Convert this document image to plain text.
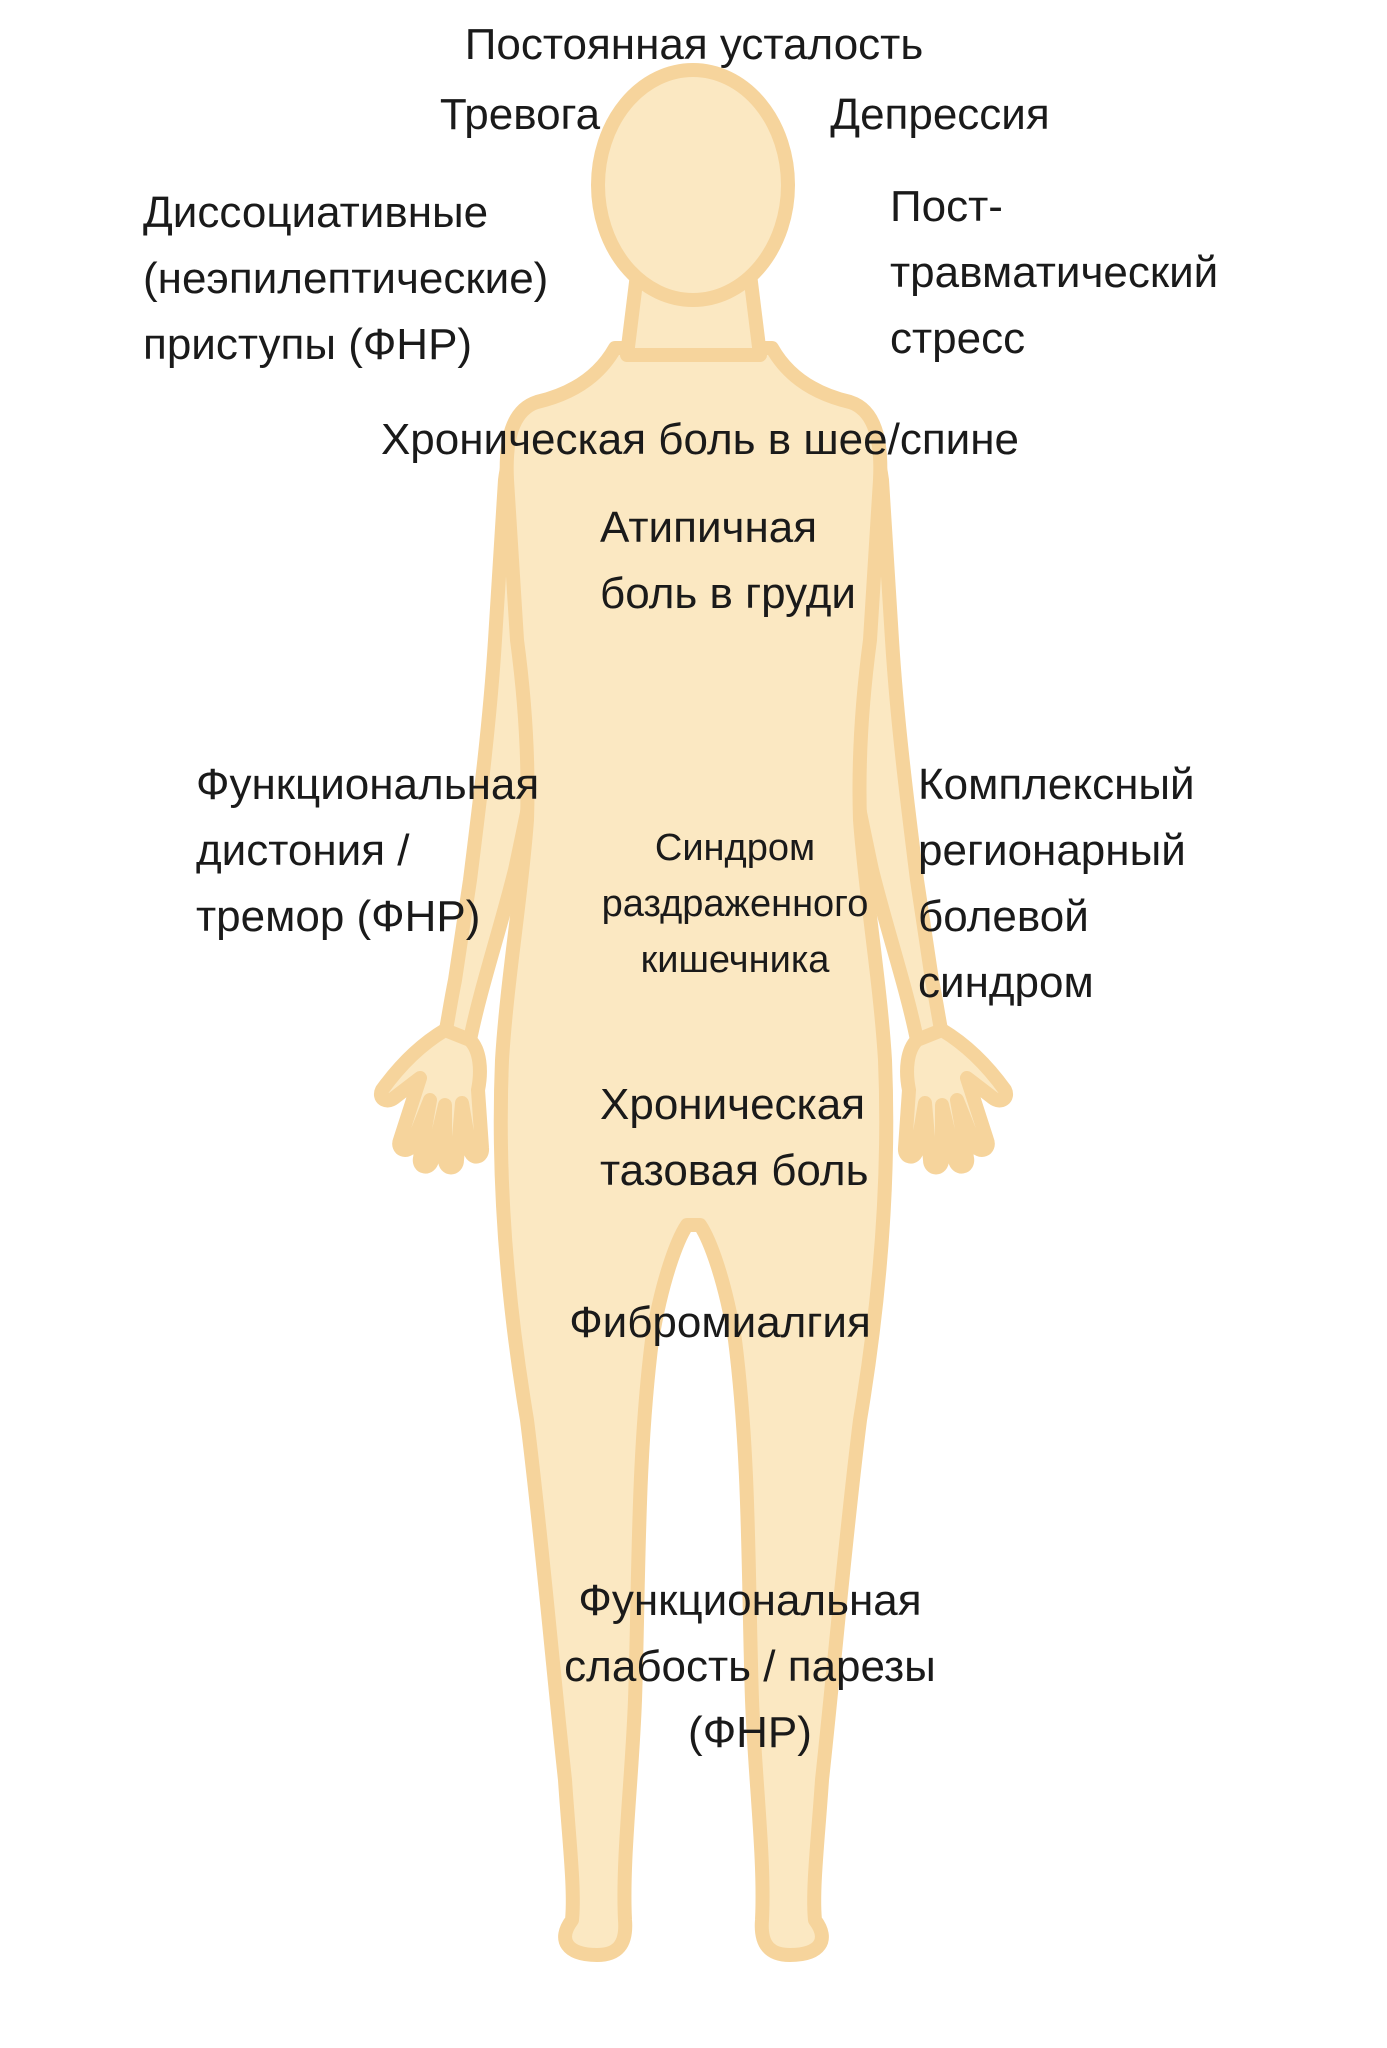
Постоянная усталость

Тревога	Депрессия

Диссоциативные
(неэпилептические)
приступы (ФНР)

Пост-
травматический
стресс

Хроническая боль в шее/спине

Атипичная
боль в груди

Функциональная
дистония /
тремор (ФНР)

Синдром
раздраженного
кишечника

Комплексный
регионарный
болевой
синдром

Хроническая
тазовая боль

Фибромиалгия

Функциональная
слабость / парезы
(ФНР)
